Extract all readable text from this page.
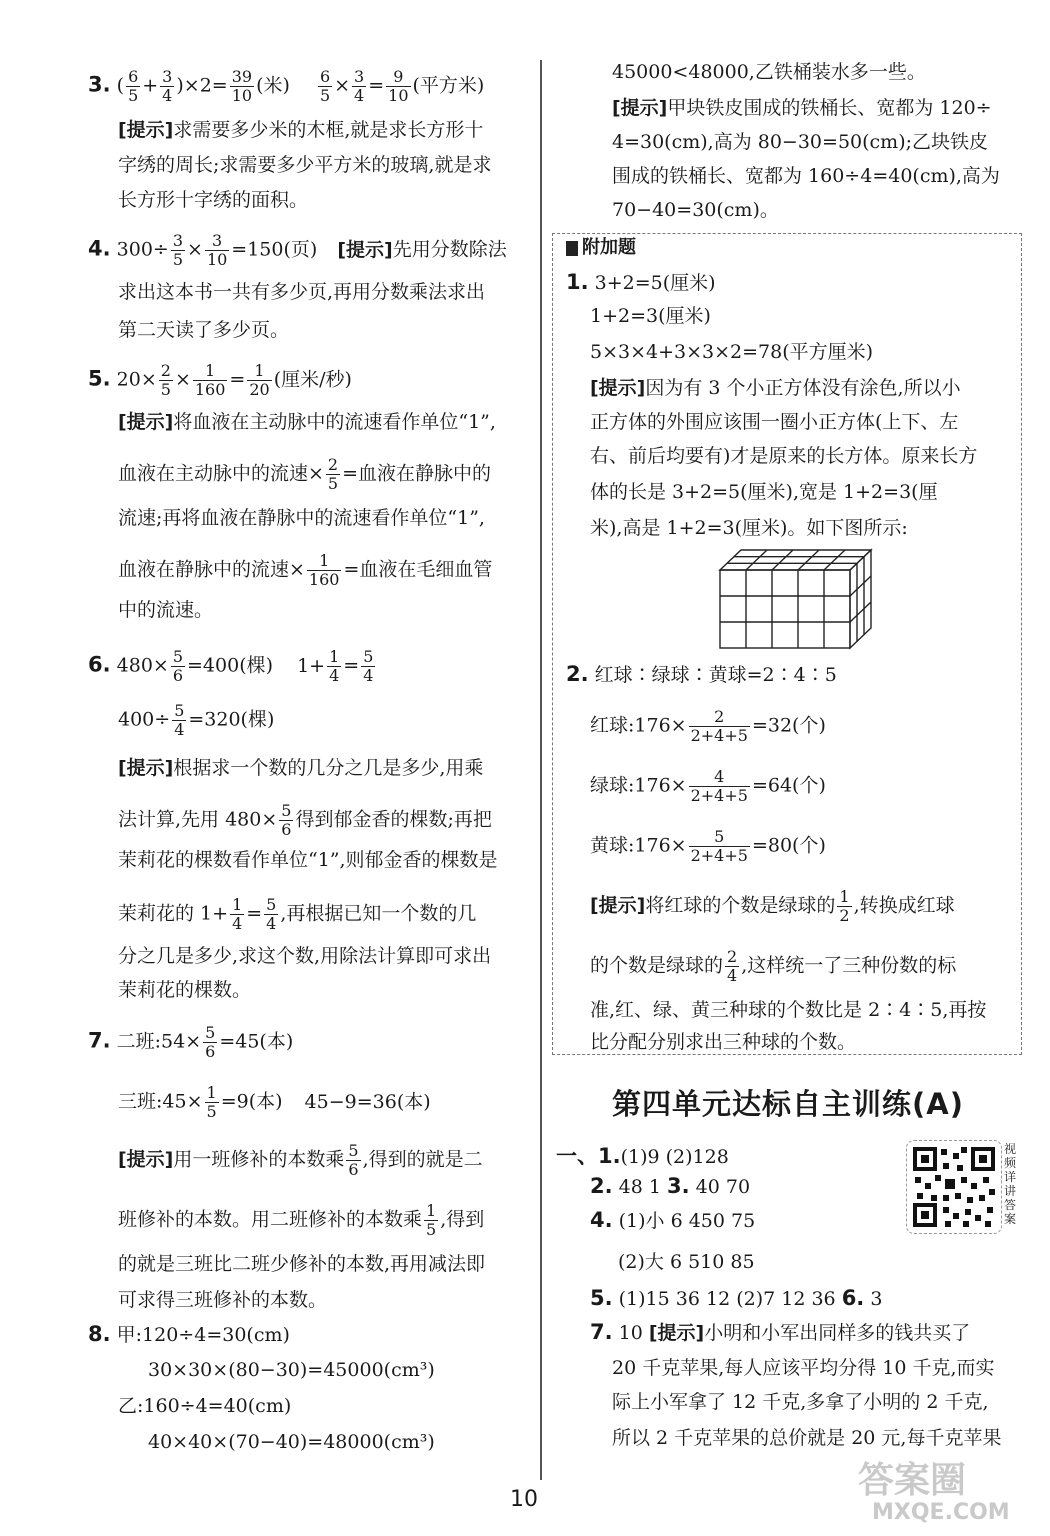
3. ( $\frac{6}{5} + \frac{3}{4} )\times 2= \frac{39}{10}$ (米) $\frac{6}{5} \times \frac{3}{4} = \frac{9}{10}$ (平方米)
[提示]求需要多少米的木框,就是求长方形十
字绣的周长;求需要多少平方米的玻璃,就是求
长方形十字绣的面积。
4. $300\div \frac{3}{5} \times \frac{3}{10} =150$(页) [提示]先用分数除法
求出这本书一共有多少页,再用分数乘法求出
第二天读了多少页。
5. $20\times \frac{2}{5} \times \frac{1}{160} = \frac{1}{20}$ (厘米/秒)
[提示]将血液在主动脉中的流速看作单位“1”,
血液在主动脉中的流速× $\frac{2}{5}$ =血液在静脉中的
流速;再将血液在静脉中的流速看作单位“1”,
血液在静脉中的流速× $\frac{1}{160}$ =血液在毛细血管
中的流速。
6. $480\times \frac{5}{6} =400$(棵) $1+ \frac{1}{4} = \frac{5}{4}$
$400\div \frac{5}{4} =320$(棵)
[提示]根据求一个数的几分之几是多少,用乘
法计算,先用 $480\times \frac{5}{6}$ 得到郁金香的棵数;再把
茉莉花的棵数看作单位“1”,则郁金香的棵数是
茉莉花的 $1+ \frac{1}{4} = \frac{5}{4}$ ,再根据已知一个数的几
分之几是多少,求这个数,用除法计算即可求出
茉莉花的棵数。
7. 二班:54× $\frac{5}{6} =45$(本)
三班:45× $\frac{1}{5} =9$(本) 45−9=36(本)
[提示]用一班修补的本数乘 $\frac{5}{6}$ ,得到的就是二
班修补的本数。用二班修补的本数乘 $\frac{1}{5}$ ,得到
的就是三班比二班少修补的本数,再用减法即
可求得三班修补的本数。
8. 甲:120÷4=30(cm)
30×30×(80−30)=45000(cm³)
乙:160÷4=40(cm)
40×40×(70−40)=48000(cm³)
45000<48000,乙铁桶装水多一些。
[提示]甲块铁皮围成的铁桶长、宽都为 120÷
4=30(cm),高为 80−30=50(cm);乙块铁皮
围成的铁桶长、宽都为 160÷4=40(cm),高为
70−40=30(cm)。
附加题
1. 3+2=5(厘米)
1+2=3(厘米)
5×3×4+3×3×2=78(平方厘米)
[提示]因为有 3 个小正方体没有涂色,所以小
正方体的外围应该围一圈小正方体(上下、左
右、前后均要有)才是原来的长方体。原来长方
体的长是 3+2=5(厘米),宽是 1+2=3(厘
米),高是 1+2=3(厘米)。如下图所示:
2. 红球∶绿球∶黄球=2∶4∶5
红球:176× $\frac{2}{2+4+5} =32$(个)
绿球:176× $\frac{4}{2+4+5} =64$(个)
黄球:176× $\frac{5}{2+4+5} =80$(个)
[提示]将红球的个数是绿球的 $\frac{1}{2}$ ,转换成红球
的个数是绿球的 $\frac{2}{4}$ ,这样统一了三种份数的标
准,红、绿、黄三种球的个数比是 2∶4∶5,再按
比分配分别求出三种球的个数。
第四单元达标自主训练(A)
一、1.(1)9 (2)128
2. 48 1 3. 40 70
4. (1)小 6 450 75
(2)大 6 510 85
5. (1)15 36 12 (2)7 12 36 6. 3
7. 10 [提示]小明和小军出同样多的钱共买了
20 千克苹果,每人应该平均分得 10 千克,而实
际上小军拿了 12 千克,多拿了小明的 2 千克,
所以 2 千克苹果的总价就是 20 元,每千克苹果
视频详讲答案
10	答案圈
MXQE.COM
